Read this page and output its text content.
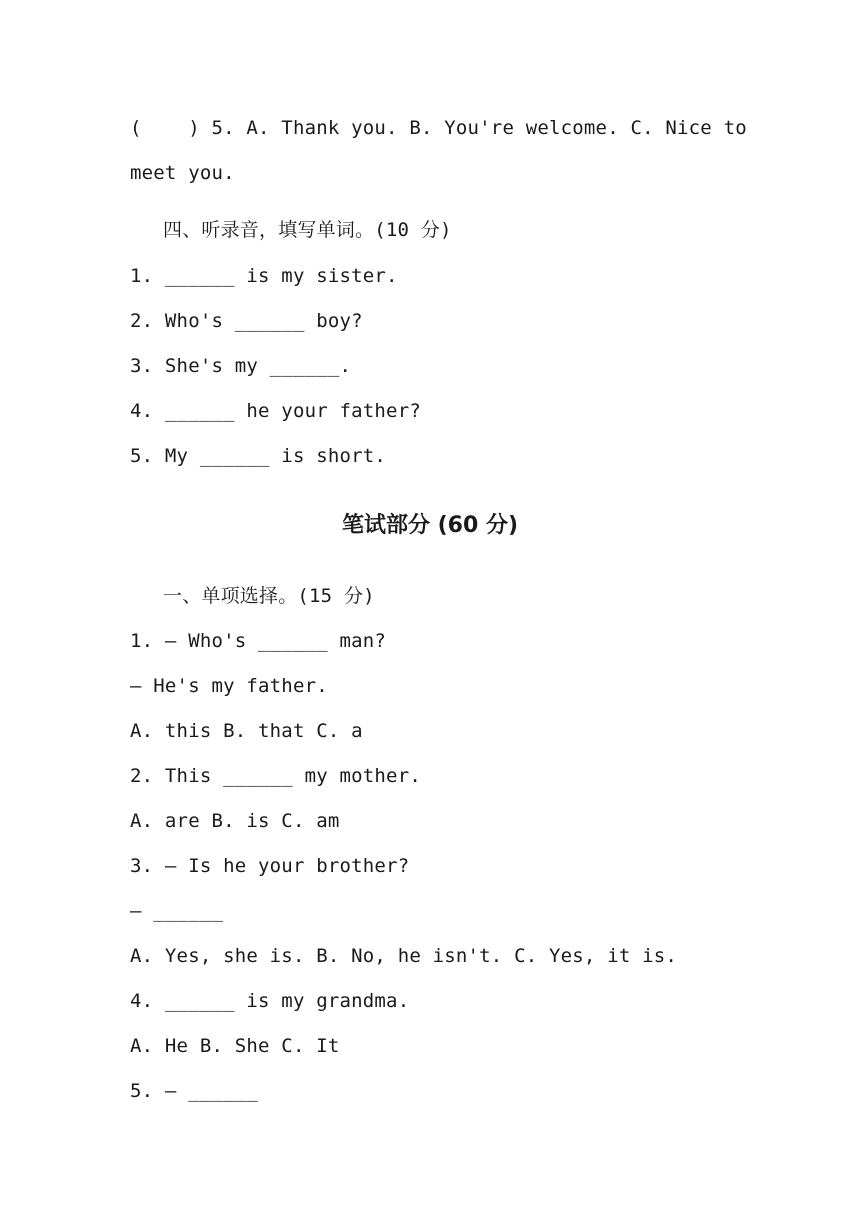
(    ) 5. A. Thank you. B. You're welcome. C. Nice to
meet you.
四、听录音，填写单词。(10 分)
1. ______ is my sister.
2. Who's ______ boy?
3. She's my ______.
4. ______ he your father?
5. My ______ is short.
笔试部分 (60 分)
一、单项选择。(15 分)
1. — Who's ______ man?
— He's my father.
A. this B. that C. a
2. This ______ my mother.
A. are B. is C. am
3. — Is he your brother?
— ______
A. Yes, she is. B. No, he isn't. C. Yes, it is.
4. ______ is my grandma.
A. He B. She C. It
5. — ______
